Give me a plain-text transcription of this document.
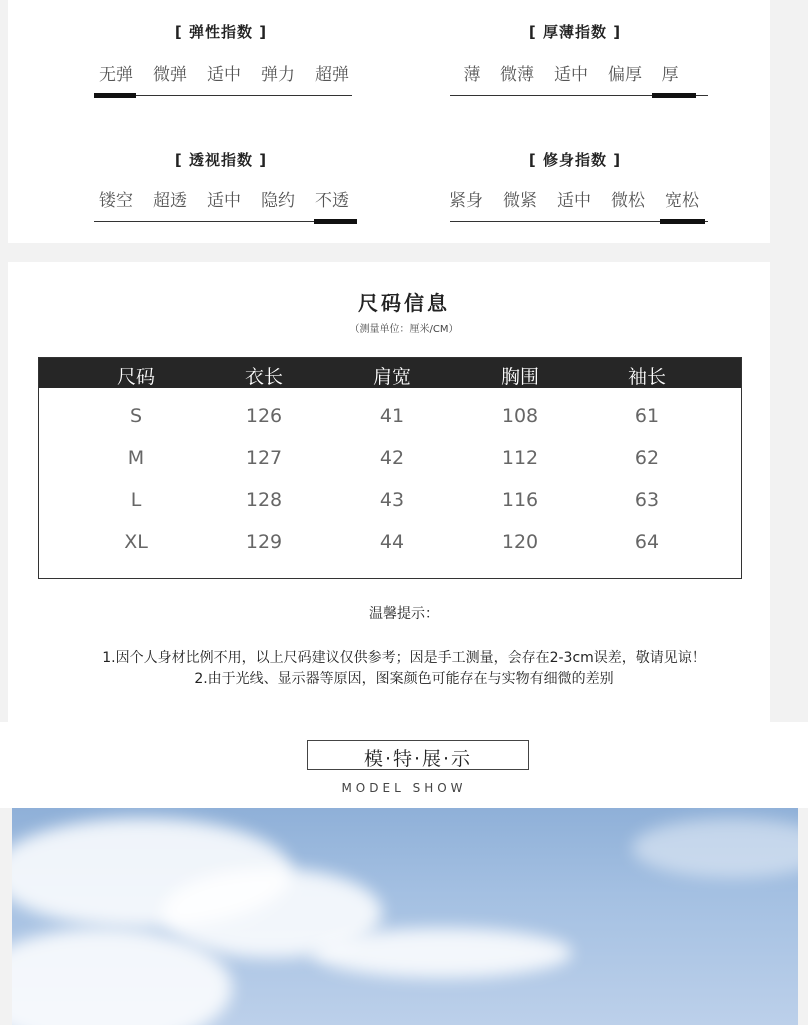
[ 弹性指数 ]
无弹	微弹	适中	弹力	超弹
[ 厚薄指数 ]
薄	微薄	适中	偏厚	厚
[ 透视指数 ]
镂空	超透	适中	隐约	不透
[ 修身指数 ]
紧身	微紧	适中	微松	宽松
尺码信息
（测量单位：厘米/CM）
尺码	衣长	肩宽	胸围	袖长
S	126	41	108	61
M	127	42	112	62
L	128	43	116	63
XL	129	44	120	64
温馨提示：
1.因个人身材比例不用，以上尺码建议仅供参考；因是手工测量，会存在2-3cm误差，敬请见谅！
2.由于光线、显示器等原因，图案颜色可能存在与实物有细微的差别
模·特·展·示
MODEL SHOW
